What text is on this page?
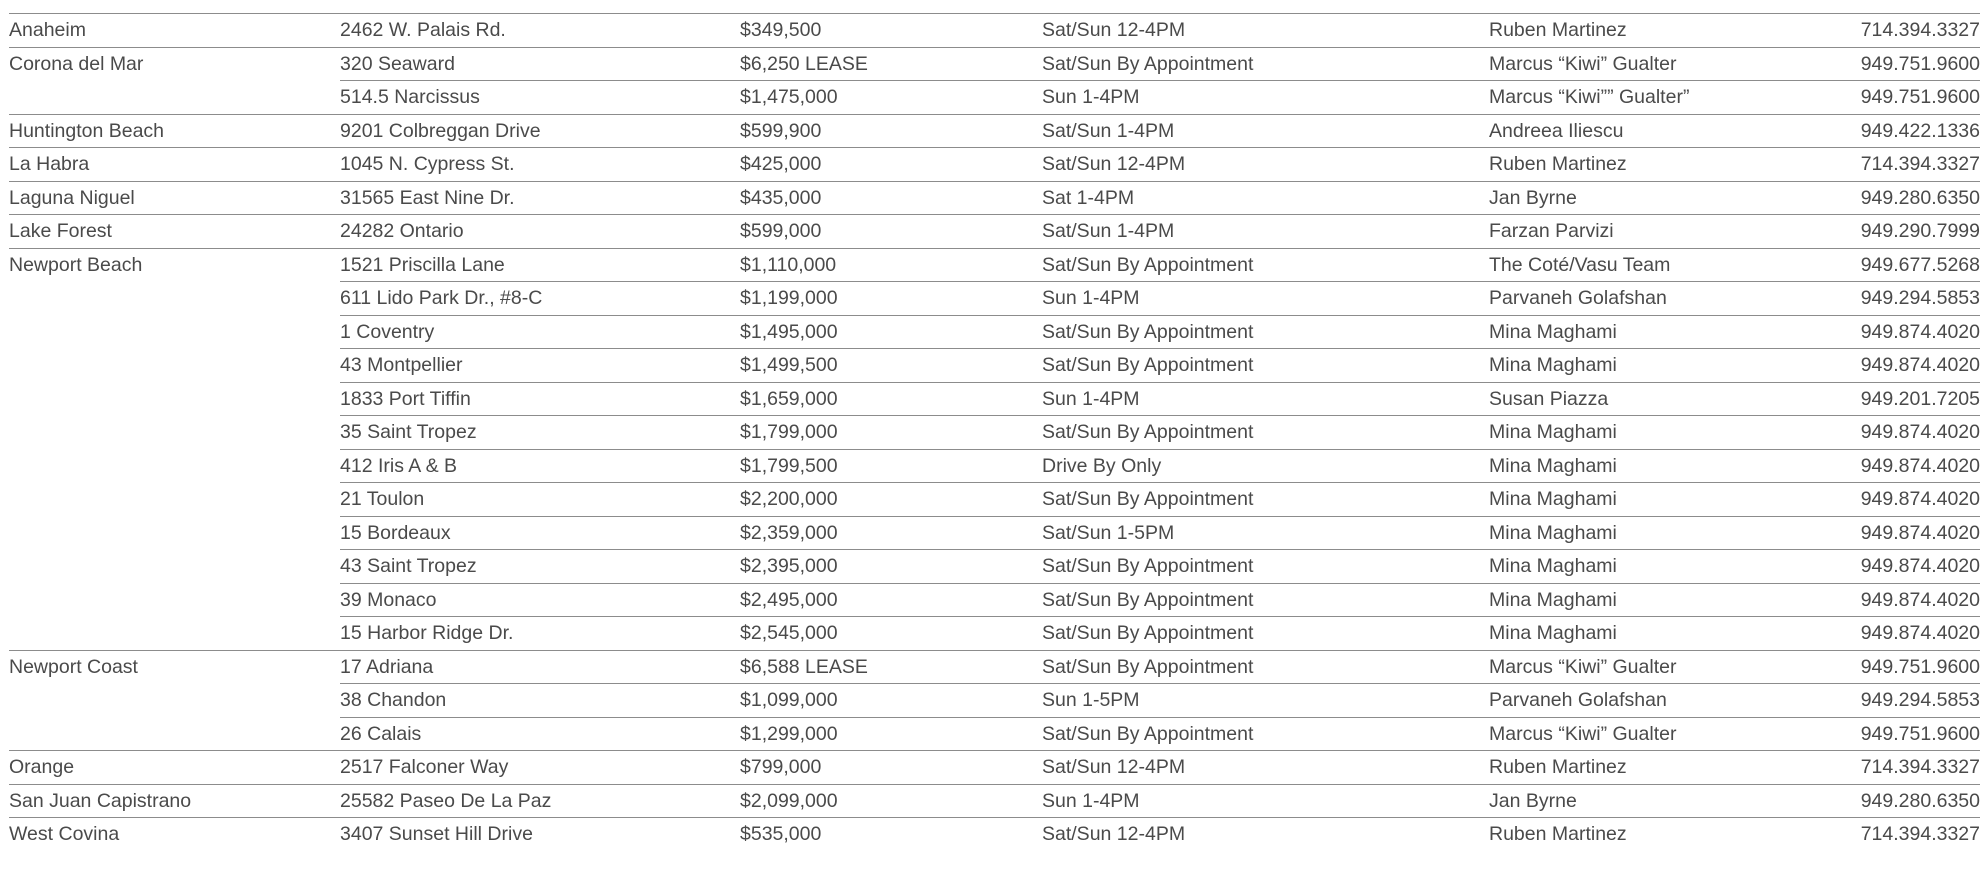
Anaheim	2462 W. Palais Rd.	$349,500	Sat/Sun 12-4PM	Ruben Martinez	714.394.3327
Corona del Mar	320 Seaward	$6,250 LEASE	Sat/Sun By Appointment	Marcus “Kiwi” Gualter	949.751.9600
	514.5 Narcissus	$1,475,000	Sun 1-4PM	Marcus “Kiwi”” Gualter”	949.751.9600
Huntington Beach	9201 Colbreggan Drive	$599,900	Sat/Sun 1-4PM	Andreea Iliescu	949.422.1336
La Habra	1045 N. Cypress St.	$425,000	Sat/Sun 12-4PM	Ruben Martinez	714.394.3327
Laguna Niguel	31565 East Nine Dr.	$435,000	Sat 1-4PM	Jan Byrne	949.280.6350
Lake Forest	24282 Ontario	$599,000	Sat/Sun 1-4PM	Farzan Parvizi	949.290.7999
Newport Beach	1521 Priscilla Lane	$1,110,000	Sat/Sun By Appointment	The Coté/Vasu Team	949.677.5268
	611 Lido Park Dr., #8-C	$1,199,000	Sun 1-4PM	Parvaneh Golafshan	949.294.5853
	1 Coventry	$1,495,000	Sat/Sun By Appointment	Mina Maghami	949.874.4020
	43 Montpellier	$1,499,500	Sat/Sun By Appointment	Mina Maghami	949.874.4020
	1833 Port Tiffin	$1,659,000	Sun 1-4PM	Susan Piazza	949.201.7205
	35 Saint Tropez	$1,799,000	Sat/Sun By Appointment	Mina Maghami	949.874.4020
	412 Iris A & B	$1,799,500	Drive By Only	Mina Maghami	949.874.4020
	21 Toulon	$2,200,000	Sat/Sun By Appointment	Mina Maghami	949.874.4020
	15 Bordeaux	$2,359,000	Sat/Sun 1-5PM	Mina Maghami	949.874.4020
	43 Saint Tropez	$2,395,000	Sat/Sun By Appointment	Mina Maghami	949.874.4020
	39 Monaco	$2,495,000	Sat/Sun By Appointment	Mina Maghami	949.874.4020
	15 Harbor Ridge Dr.	$2,545,000	Sat/Sun By Appointment	Mina Maghami	949.874.4020
Newport Coast	17 Adriana	$6,588 LEASE	Sat/Sun By Appointment	Marcus “Kiwi” Gualter	949.751.9600
	38 Chandon	$1,099,000	Sun 1-5PM	Parvaneh Golafshan	949.294.5853
	26 Calais	$1,299,000	Sat/Sun By Appointment	Marcus “Kiwi” Gualter	949.751.9600
Orange	2517 Falconer Way	$799,000	Sat/Sun 12-4PM	Ruben Martinez	714.394.3327
San Juan Capistrano	25582 Paseo De La Paz	$2,099,000	Sun 1-4PM	Jan Byrne	949.280.6350
West Covina	3407 Sunset Hill Drive	$535,000	Sat/Sun 12-4PM	Ruben Martinez	714.394.3327
